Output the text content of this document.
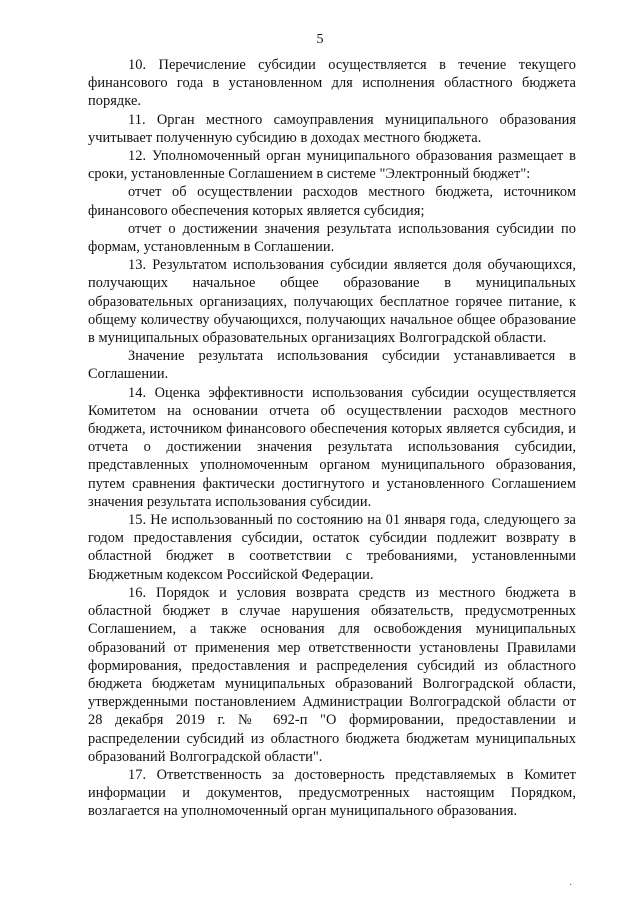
5

10. Перечисление субсидии осуществляется в течение текущего финансового года в установленном для исполнения областного бюджета порядке.

11. Орган местного самоуправления муниципального образования учитывает полученную субсидию в доходах местного бюджета.

12. Уполномоченный орган муниципального образования размещает в сроки, установленные Соглашением в системе "Электронный бюджет":

отчет об осуществлении расходов местного бюджета, источником финансового обеспечения которых является субсидия;

отчет о достижении значения результата использования субсидии по формам, установленным в Соглашении.

13. Результатом использования субсидии является доля обучающихся, получающих начальное общее образование в муниципальных образовательных организациях, получающих бесплатное горячее питание, к общему количеству обучающихся, получающих начальное общее образование в муниципальных образовательных организациях Волгоградской области.

Значение результата использования субсидии устанавливается в Соглашении.

14. Оценка эффективности использования субсидии осуществляется Комитетом на основании отчета об осуществлении расходов местного бюджета, источником финансового обеспечения которых является субсидия, и отчета о достижении значения результата использования субсидии, представленных уполномоченным органом муниципального образования, путем сравнения фактически достигнутого и установленного Соглашением значения результата использования субсидии.

15. Не использованный по состоянию на 01 января года, следующего за годом предоставления субсидии, остаток субсидии подлежит возврату в областной бюджет в соответствии с требованиями, установленными Бюджетным кодексом Российской Федерации.

16. Порядок и условия возврата средств из местного бюджета в областной бюджет в случае нарушения обязательств, предусмотренных Соглашением, а также основания для освобождения муниципальных образований от применения мер ответственности установлены Правилами формирования, предоставления и распределения субсидий из областного бюджета бюджетам муниципальных образований Волгоградской области, утвержденными постановлением Администрации Волгоградской области от 28 декабря 2019 г. № 692-п "О формировании, предоставлении и распределении субсидий из областного бюджета бюджетам муниципальных образований Волгоградской области".

17. Ответственность за достоверность представляемых в Комитет информации и документов, предусмотренных настоящим Порядком, возлагается на уполномоченный орган муниципального образования.

.
